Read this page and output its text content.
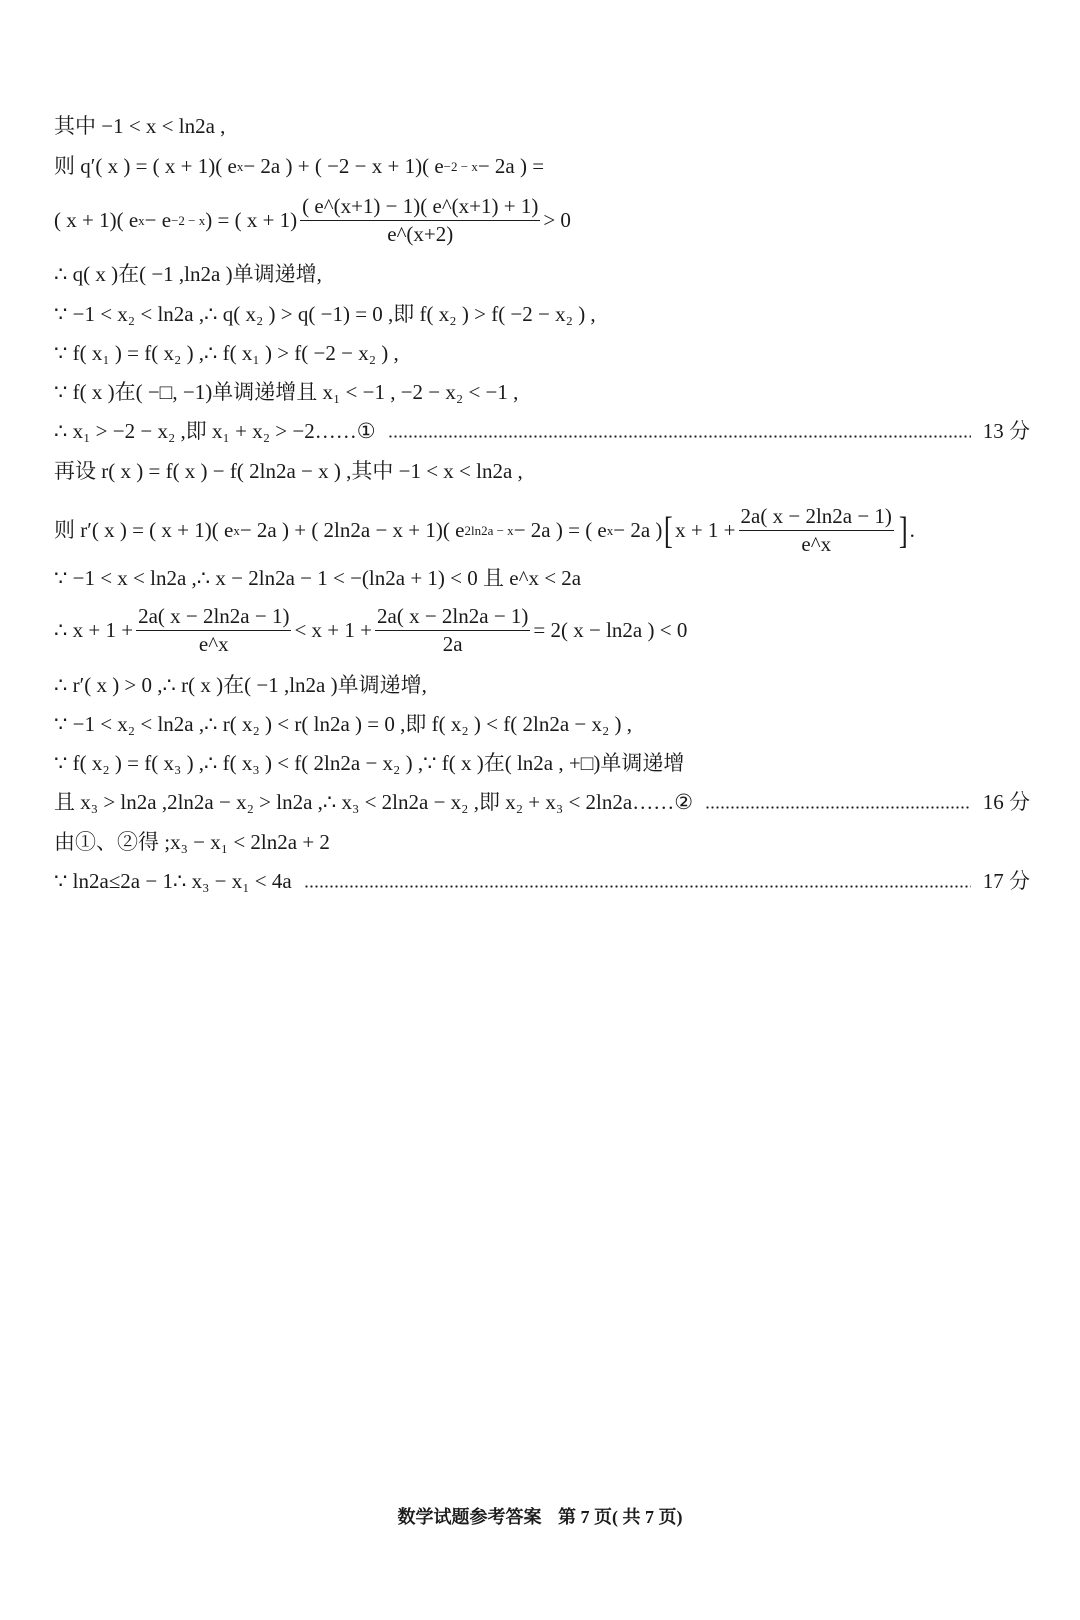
其中 −1 < x < ln2a ,
则 q′( x ) = ( x + 1)( e x − 2a ) + ( −2 − x + 1)( e −2 − x − 2a ) =
( x + 1)( e x − e −2 − x ) = ( $x + 1) \frac{( e\^{}(x+1) - 1)( e\^{}(x+1) + 1)}{e\^{}(x+2)} > 0$
∴ q( x )在( −1 ,ln2a )单调递增,
∵ −1 < x₂ < ln2a ,∴ q( x₂ ) > q( −1) = 0 ,即 f( x₂ ) > f( −2 − x₂ ) ,
∵ f( x₁ ) = f( x₂ ) ,∴ f( x₁ ) > f( −2 − x₂ ) ,
∵ f( x )在( −□, −1)单调递增且 x₁ < −1 , −2 − x₂ < −1 ,
∴ x₁ > −2 − x₂ ,即 x₁ + x₂ > −2……①	13 分
再设 r( x ) = f( x ) − f( 2ln2a − x ) ,其中 −1 < x < ln2a ,
则 r′( x ) = ( x + 1)( e x − 2a ) + ( 2ln2a − x + 1)( e 2ln2a − x − 2a ) = ( e x − 2a ) [ $x + 1 + \frac{2a( x - 2\ln 2a - 1)}{e\^{}x}$ ] .
∵ −1 < x < ln2a ,∴ x − 2ln2a − 1 < −(ln2a + 1) < 0 且 e^x < 2a
∴ $x + 1 + \frac{2a( x - 2\ln 2a - 1)}{e\^{}x} < x + 1 + \frac{2a( x - 2\ln 2a - 1)}{2a} = 2$( x − ln2a ) < 0
∴ r′( x ) > 0 ,∴ r( x )在( −1 ,ln2a )单调递增,
∵ −1 < x₂ < ln2a ,∴ r( x₂ ) < r( ln2a ) = 0 ,即 f( x₂ ) < f( 2ln2a − x₂ ) ,
∵ f( x₂ ) = f( x₃ ) ,∴ f( x₃ ) < f( 2ln2a − x₂ ) ,∵ f( x )在( ln2a , +□)单调递增
且 x₃ > ln2a ,2ln2a − x₂ > ln2a ,∴ x₃ < 2ln2a − x₂ ,即 x₂ + x₃ < 2ln2a……②	16 分
由①、②得 ;x₃ − x₁ < 2ln2a + 2
∵ ln2a≤2a − 1∴ x₃ − x₁ < 4a	17 分
数学试题参考答案 第 7 页( 共 7 页)
